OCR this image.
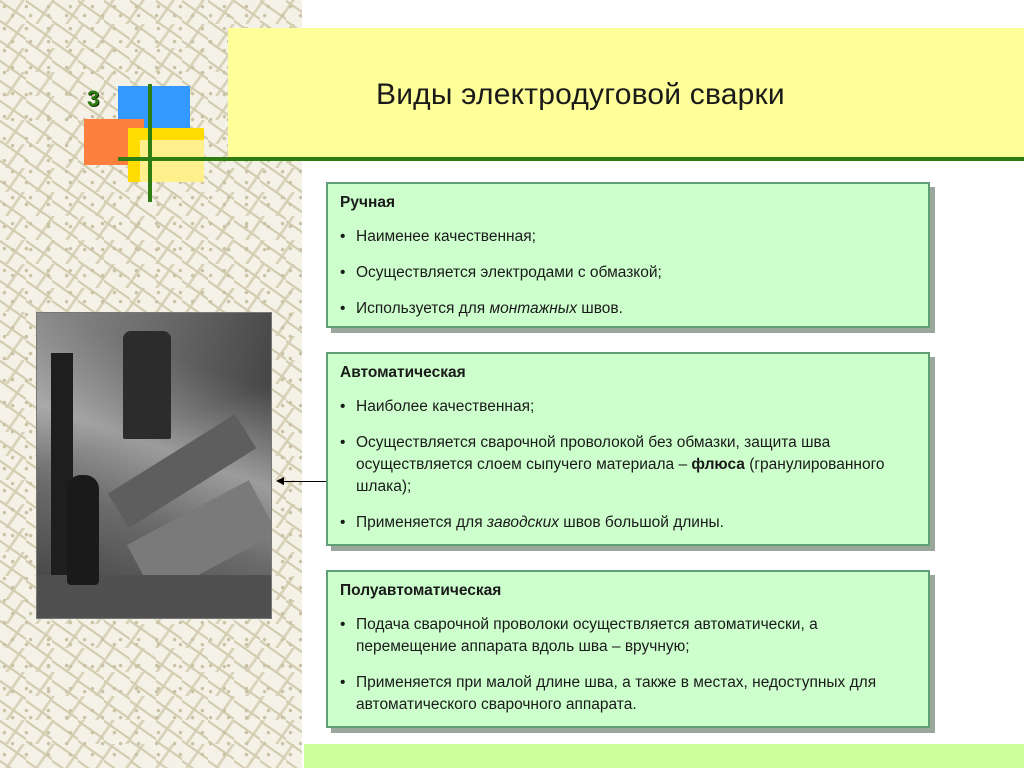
3	Виды электродуговой сварки
Ручная
• Наименее качественная;
• Осуществляется электродами с обмазкой;
• Используется для монтажных швов.
Автоматическая
• Наиболее качественная;
• Осуществляется сварочной проволокой без обмазки, защита шва осуществляется слоем сыпучего материала – флюса (гранулированного шлака);
• Применяется для заводских швов большой длины.
Полуавтоматическая
• Подача сварочной проволоки осуществляется автоматически, а перемещение аппарата вдоль шва – вручную;
• Применяется при малой длине шва, а также в местах, недоступных для автоматического сварочного аппарата.
